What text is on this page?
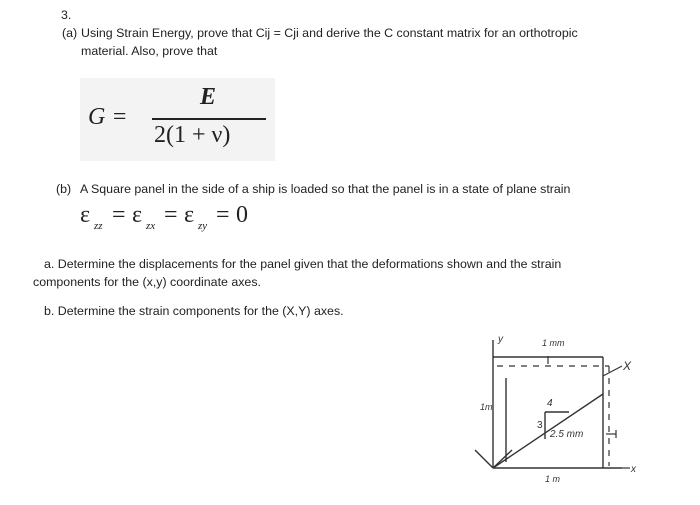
3.
(a) Using Strain Energy, prove that Cij = Cji and derive the C constant matrix for an orthotropic
material. Also, prove that
G =
E
2(1 + ν)
(b) A Square panel in the side of a ship is loaded so that the panel is in a state of plane strain
ε zz = ε zx = ε zy = 0
a. Determine the displacements for the panel given that the deformations shown and the strain
components for the (x,y) coordinate axes.
b. Determine the strain components for the (X,Y) axes.
y	1 mm
X
1m	4
3
2.5 mm
x
1 m
